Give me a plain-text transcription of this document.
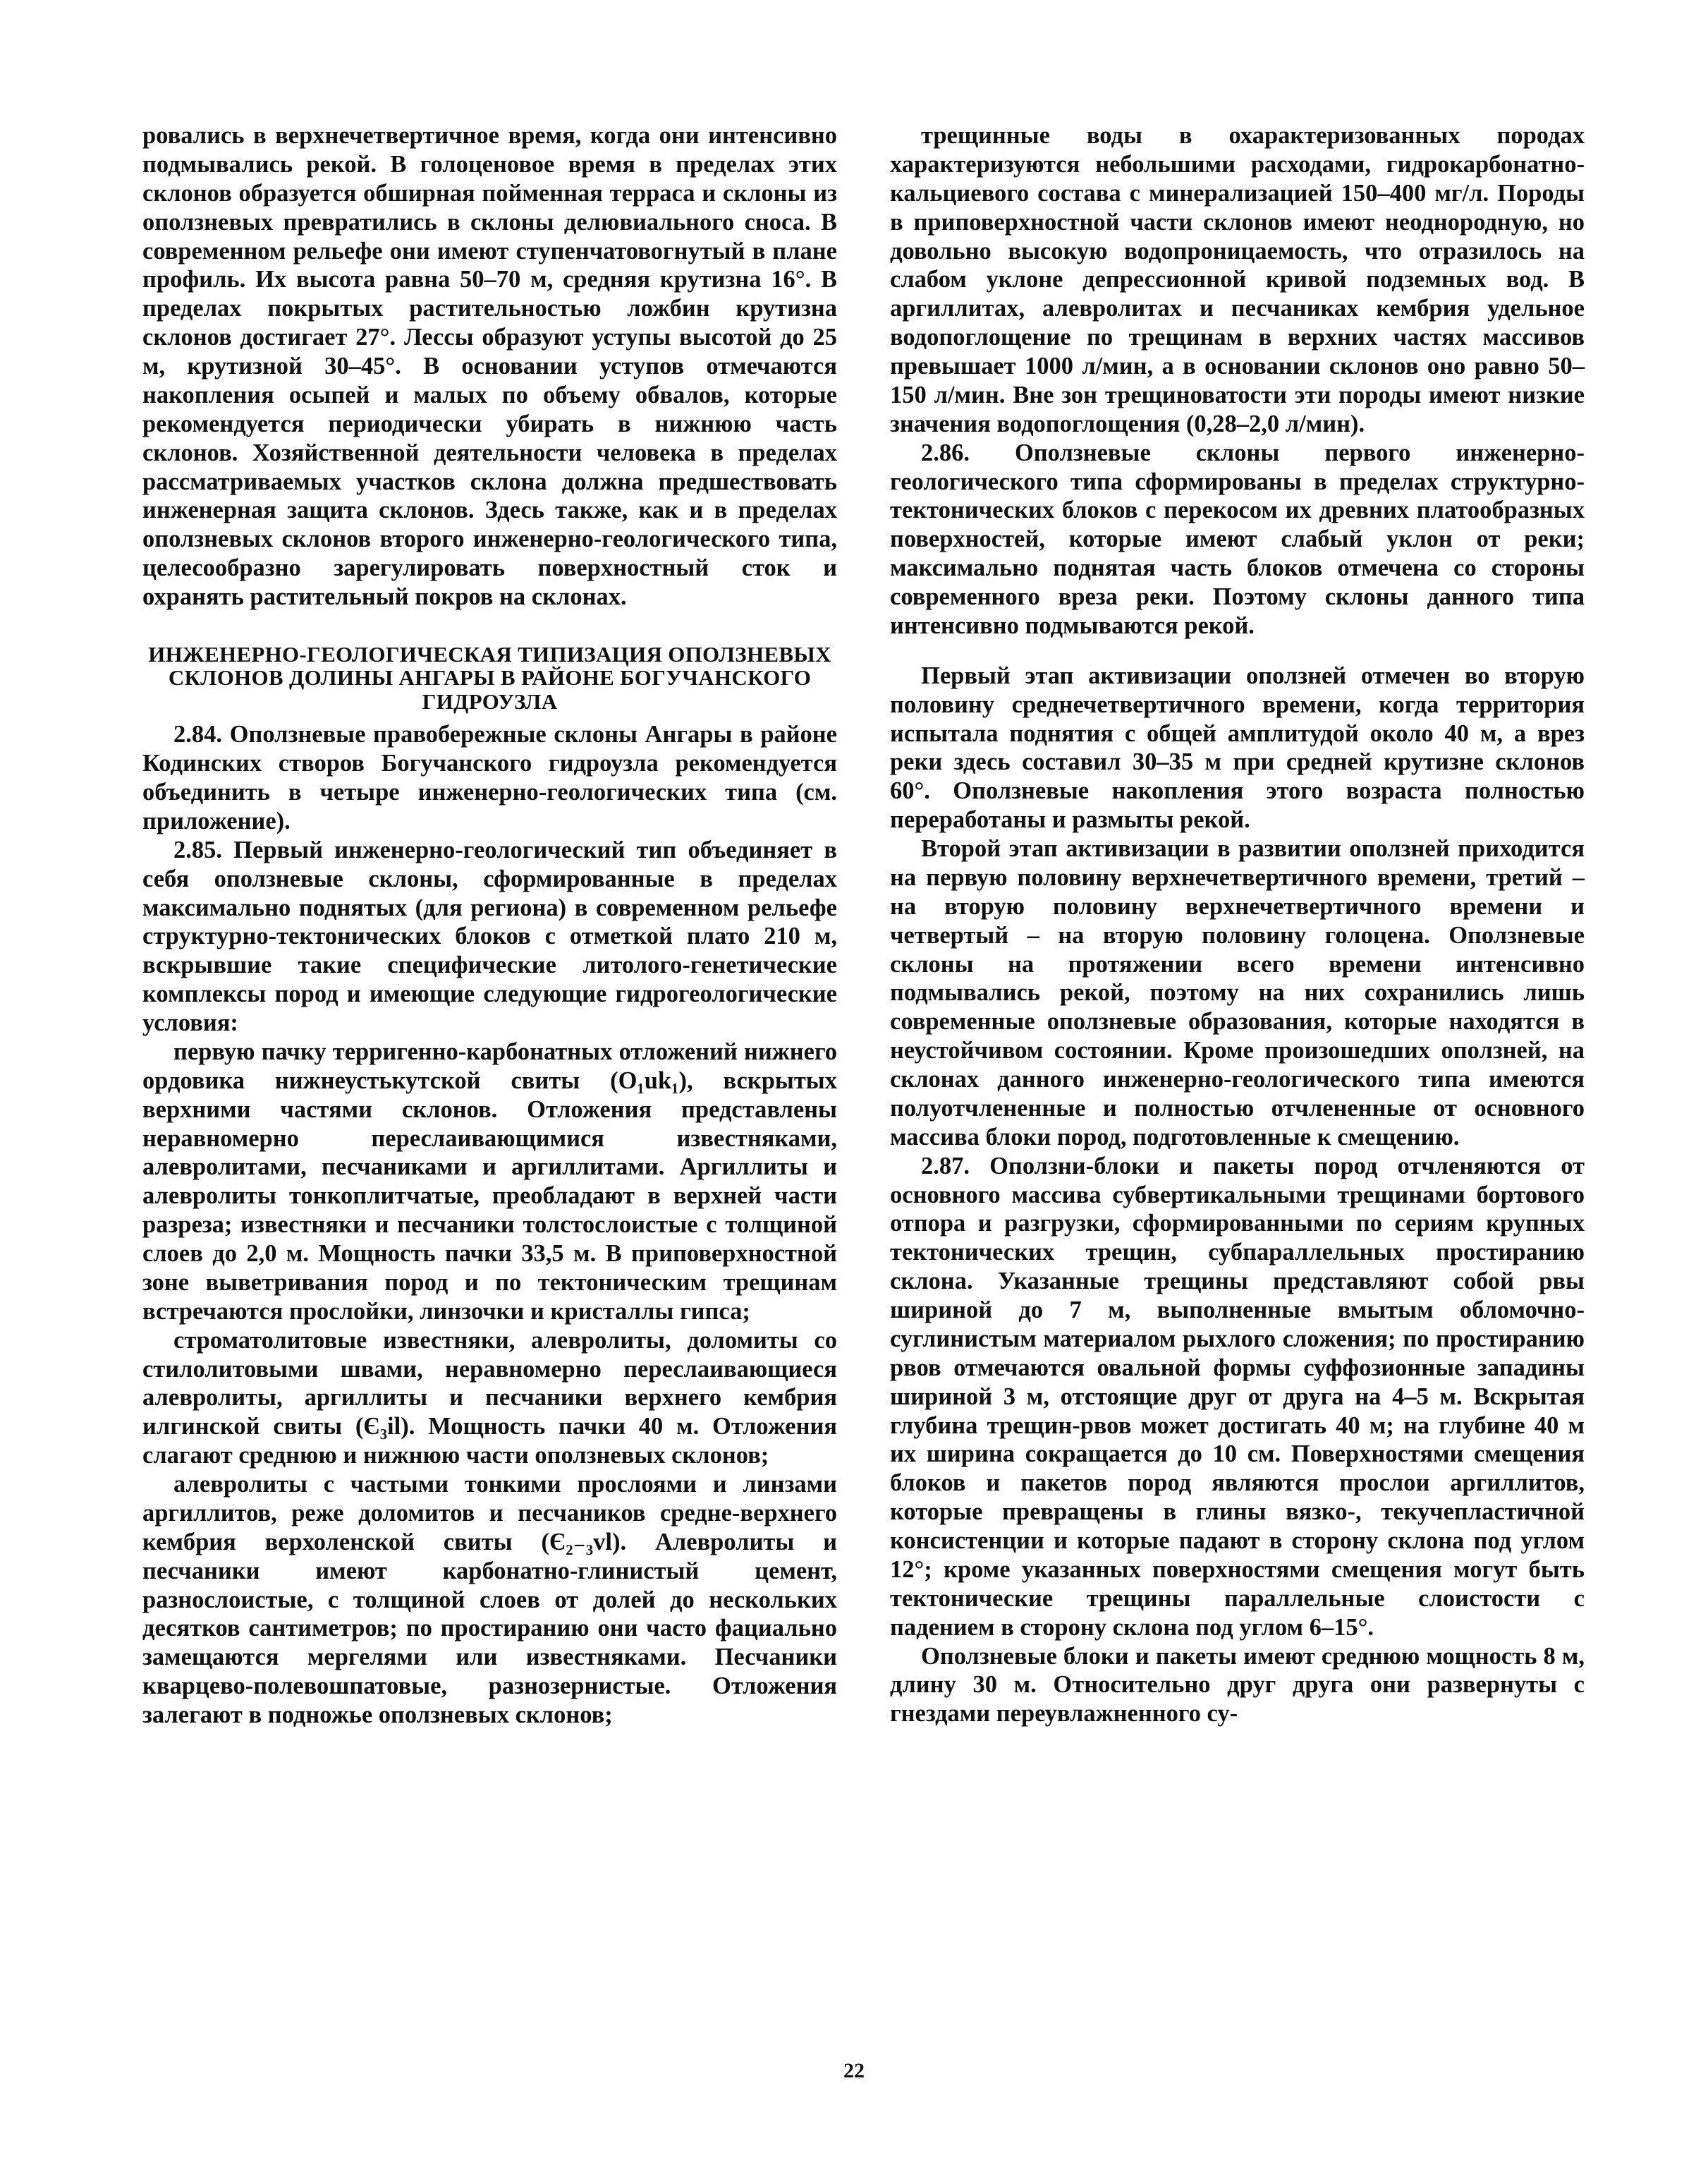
ровались в верхнечетвертичное время, когда они интенсивно подмывались рекой. В голоценовое время в пределах этих склонов образуется обширная пойменная терраса и склоны из оползневых превратились в склоны делювиального сноса. В современном рельефе они имеют ступенчатовогнутый в плане профиль. Их высота равна 50–70 м, средняя крутизна 16°. В пределах покрытых растительностью ложбин крутизна склонов достигает 27°. Лессы образуют уступы высотой до 25 м, крутизной 30–45°. В основании уступов отмечаются накопления осыпей и малых по объему обвалов, которые рекомендуется периодически убирать в нижнюю часть склонов. Хозяйственной деятельности человека в пределах рассматриваемых участков склона должна предшествовать инженерная защита склонов. Здесь также, как и в пределах оползневых склонов второго инженерно-геологического типа, целесообразно зарегулировать поверхностный сток и охранять растительный покров на склонах.

ИНЖЕНЕРНО-ГЕОЛОГИЧЕСКАЯ ТИПИЗАЦИЯ ОПОЛЗНЕВЫХ СКЛОНОВ ДОЛИНЫ АНГАРЫ В РАЙОНЕ БОГУЧАНСКОГО ГИДРОУЗЛА

2.84. Оползневые правобережные склоны Ангары в районе Кодинских створов Богучанского гидроузла рекомендуется объединить в четыре инженерно-геологических типа (см. приложение).

2.85. Первый инженерно-геологический тип объединяет в себя оползневые склоны, сформированные в пределах максимально поднятых (для региона) в современном рельефе структурно-тектонических блоков с отметкой плато 210 м, вскрывшие такие специфические литолого-генетические комплексы пород и имеющие следующие гидрогеологические условия:

первую пачку терригенно-карбонатных отложений нижнего ордовика нижнеустькутской свиты (O₁uk₁), вскрытых верхними частями склонов. Отложения представлены неравномерно переслаивающимися известняками, алевролитами, песчаниками и аргиллитами. Аргиллиты и алевролиты тонкоплитчатые, преобладают в верхней части разреза; известняки и песчаники толстослоистые с толщиной слоев до 2,0 м. Мощность пачки 33,5 м. В приповерхностной зоне выветривания пород и по тектоническим трещинам встречаются прослойки, линзочки и кристаллы гипса;

строматолитовые известняки, алевролиты, доломиты со стилолитовыми швами, неравномерно переслаивающиеся алевролиты, аргиллиты и песчаники верхнего кембрия илгинской свиты (Є₃il). Мощность пачки 40 м. Отложения слагают среднюю и нижнюю части оползневых склонов;

алевролиты с частыми тонкими прослоями и линзами аргиллитов, реже доломитов и песчаников средне-верхнего кембрия верхоленской свиты (Є₂₋₃vl). Алевролиты и песчаники имеют карбонатно-глинистый цемент, разнослоистые, с толщиной слоев от долей до нескольких десятков сантиметров; по простиранию они часто фациально замещаются мергелями или известняками. Песчаники кварцево-полевошпатовые, разнозернистые. Отложения залегают в подножье оползневых склонов;

трещинные воды в охарактеризованных породах характеризуются небольшими расходами, гидрокарбонатно-кальциевого состава с минерализацией 150–400 мг/л. Породы в приповерхностной части склонов имеют неоднородную, но довольно высокую водопроницаемость, что отразилось на слабом уклоне депрессионной кривой подземных вод. В аргиллитах, алевролитах и песчаниках кембрия удельное водопоглощение по трещинам в верхних частях массивов превышает 1000 л/мин, а в основании склонов оно равно 50–150 л/мин. Вне зон трещиноватости эти породы имеют низкие значения водопоглощения (0,28–2,0 л/мин).

2.86. Оползневые склоны первого инженерно-геологического типа сформированы в пределах структурно-тектонических блоков с перекосом их древних платообразных поверхностей, которые имеют слабый уклон от реки; максимально поднятая часть блоков отмечена со стороны современного вреза реки. Поэтому склоны данного типа интенсивно подмываются рекой.

Первый этап активизации оползней отмечен во вторую половину среднечетвертичного времени, когда территория испытала поднятия с общей амплитудой около 40 м, а врез реки здесь составил 30–35 м при средней крутизне склонов 60°. Оползневые накопления этого возраста полностью переработаны и размыты рекой.

Второй этап активизации в развитии оползней приходится на первую половину верхнечетвертичного времени, третий – на вторую половину верхнечетвертичного времени и четвертый – на вторую половину голоцена. Оползневые склоны на протяжении всего времени интенсивно подмывались рекой, поэтому на них сохранились лишь современные оползневые образования, которые находятся в неустойчивом состоянии. Кроме произошедших оползней, на склонах данного инженерно-геологического типа имеются полуотчлененные и полностью отчлененные от основного массива блоки пород, подготовленные к смещению.

2.87. Оползни-блоки и пакеты пород отчленяются от основного массива субвертикальными трещинами бортового отпора и разгрузки, сформированными по сериям крупных тектонических трещин, субпараллельных простиранию склона. Указанные трещины представляют собой рвы шириной до 7 м, выполненные вмытым обломочно-суглинистым материалом рыхлого сложения; по простиранию рвов отмечаются овальной формы суффозионные западины шириной 3 м, отстоящие друг от друга на 4–5 м. Вскрытая глубина трещин-рвов может достигать 40 м; на глубине 40 м их ширина сокращается до 10 см. Поверхностями смещения блоков и пакетов пород являются прослои аргиллитов, которые превращены в глины вязко-, текучепластичной консистенции и которые падают в сторону склона под углом 12°; кроме указанных поверхностями смещения могут быть тектонические трещины параллельные слоистости с падением в сторону склона под углом 6–15°.

Оползневые блоки и пакеты имеют среднюю мощность 8 м, длину 30 м. Относительно друг друга они развернуты с гнездами переувлажненного су-

22
